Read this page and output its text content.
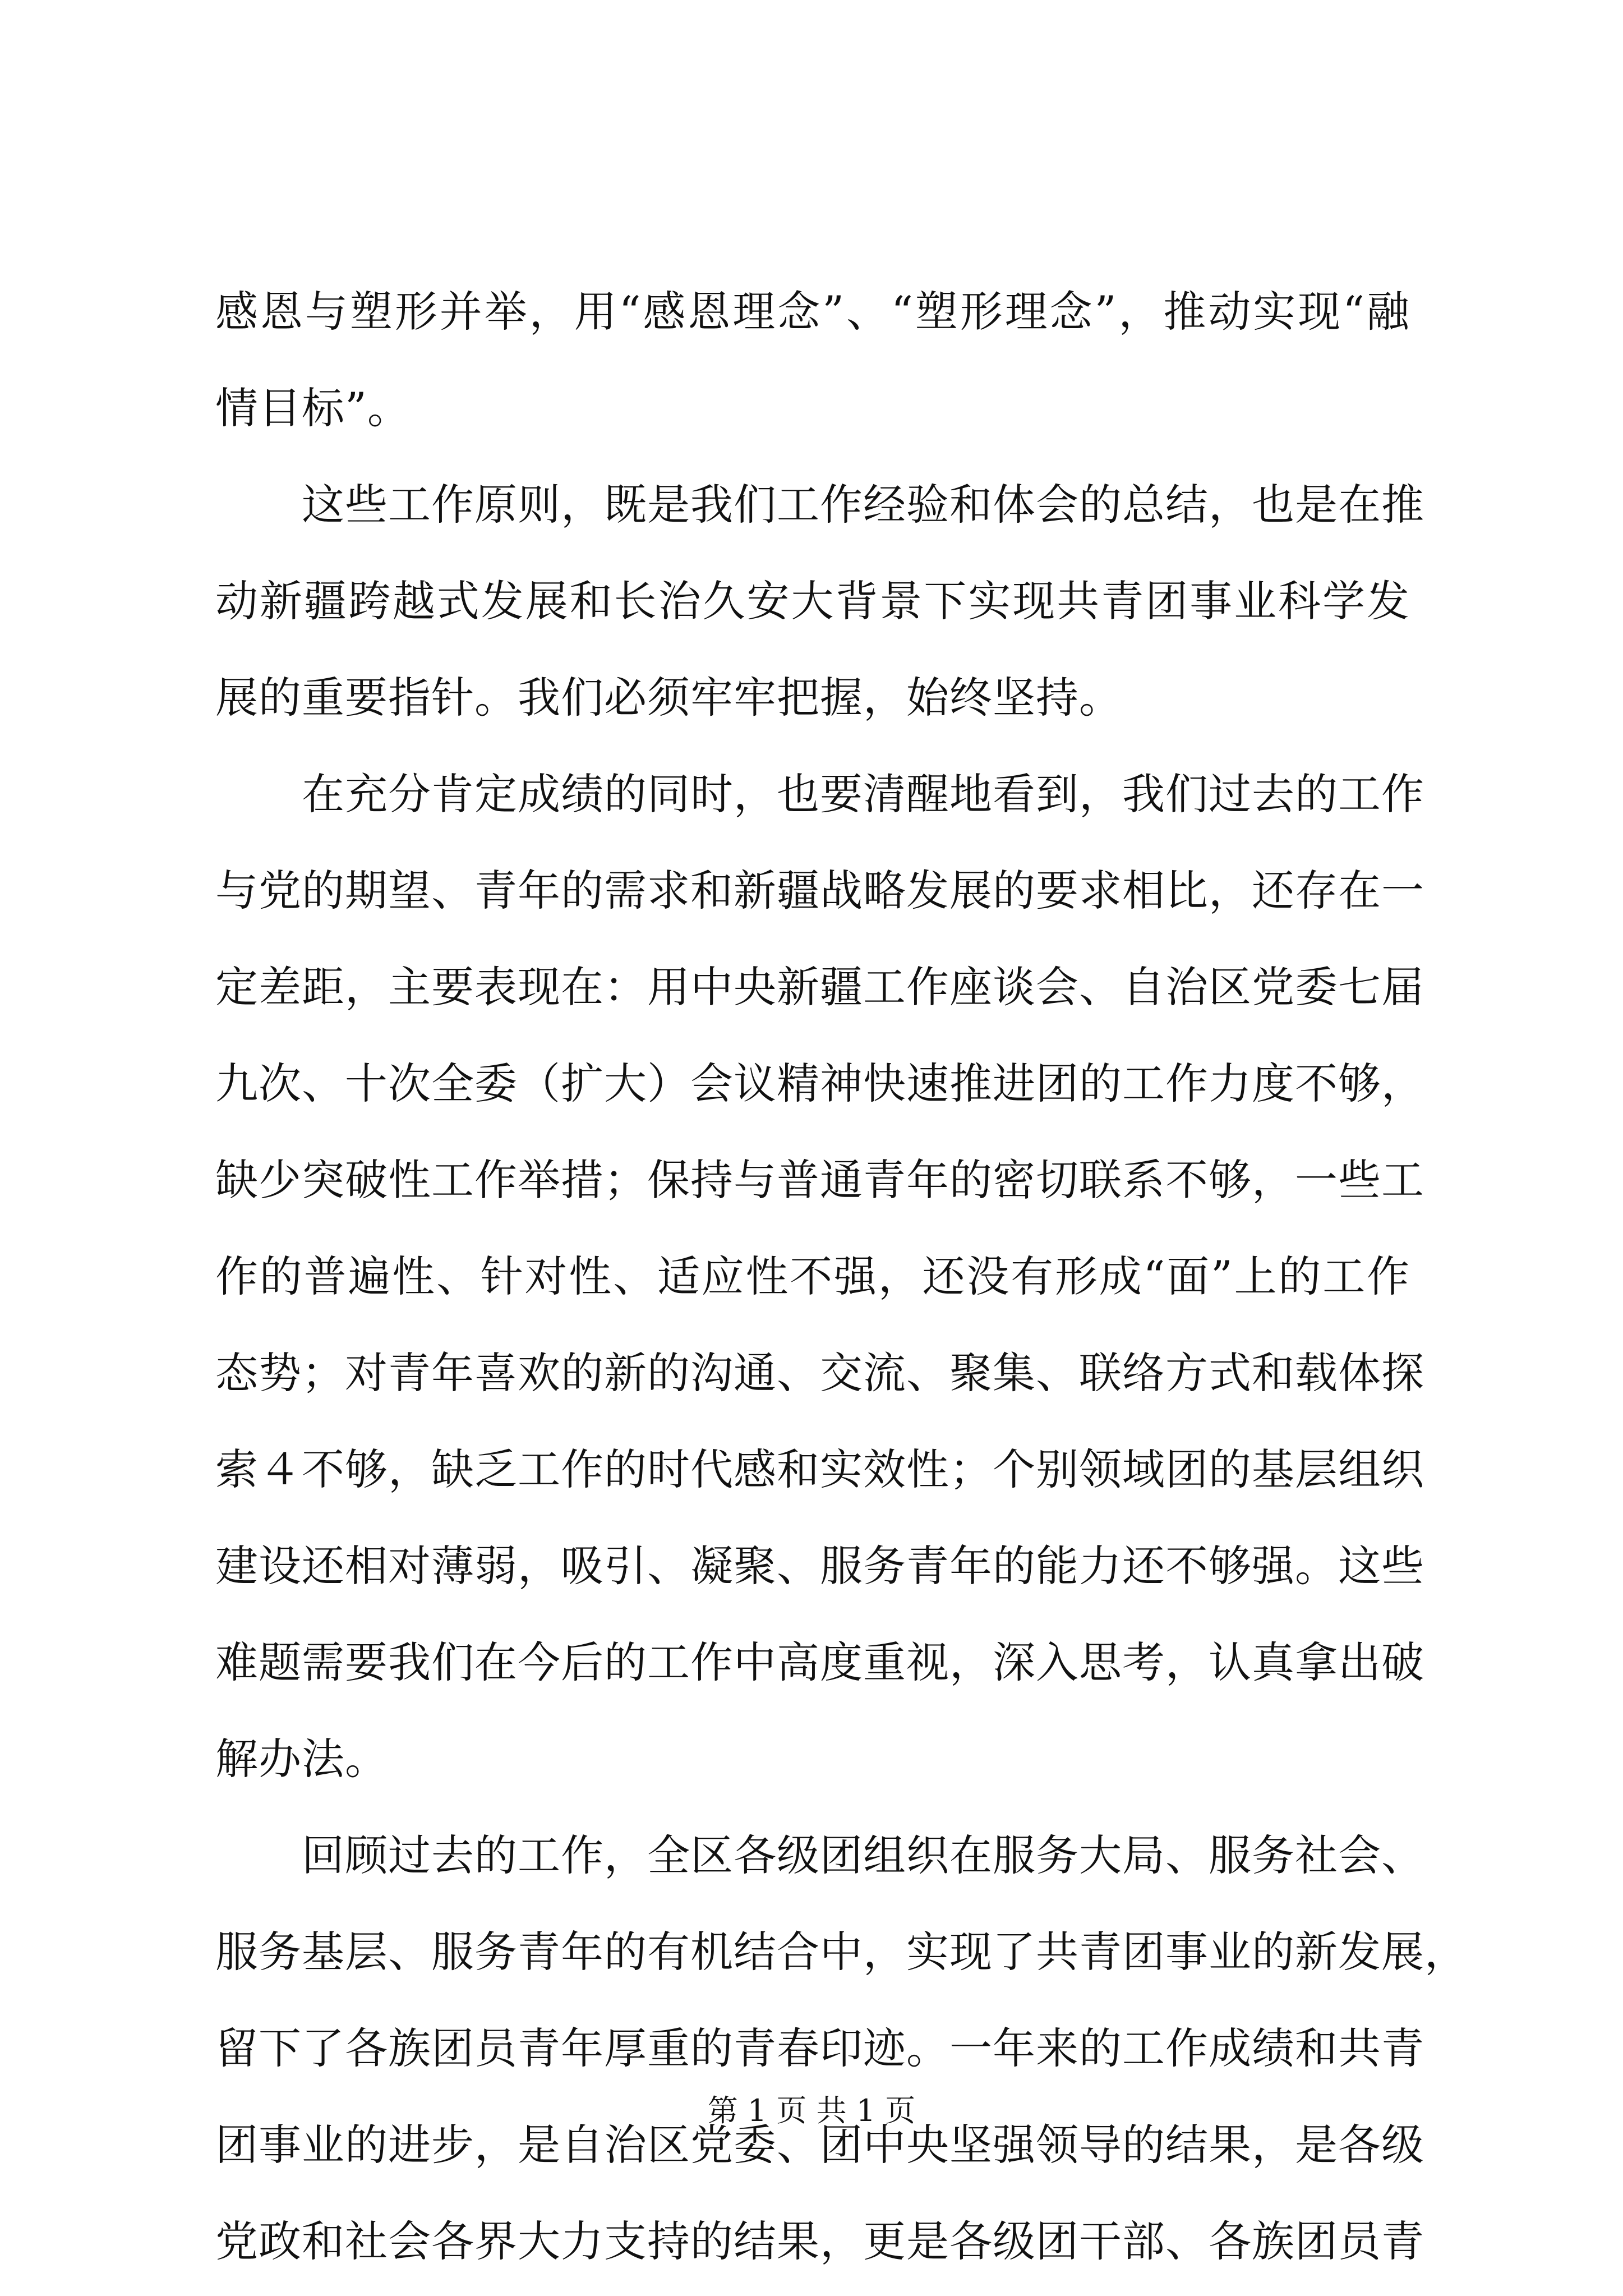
感恩与塑形并举，用“感恩理念”、“塑形理念”，推动实现“融
情目标”。
　　这些工作原则，既是我们工作经验和体会的总结，也是在推
动新疆跨越式发展和长治久安大背景下实现共青团事业科学发
展的重要指针。我们必须牢牢把握，始终坚持。
　　在充分肯定成绩的同时，也要清醒地看到，我们过去的工作
与党的期望、青年的需求和新疆战略发展的要求相比，还存在一
定差距，主要表现在：用中央新疆工作座谈会、自治区党委七届
九次、十次全委（扩大）会议精神快速推进团的工作力度不够，
缺少突破性工作举措；保持与普通青年的密切联系不够，一些工
作的普遍性、针对性、适应性不强，还没有形成“面”上的工作
态势；对青年喜欢的新的沟通、交流、聚集、联络方式和载体探
索４不够，缺乏工作的时代感和实效性；个别领域团的基层组织
建设还相对薄弱，吸引、凝聚、服务青年的能力还不够强。这些
难题需要我们在今后的工作中高度重视，深入思考，认真拿出破
解办法。
　　回顾过去的工作，全区各级团组织在服务大局、服务社会、
服务基层、服务青年的有机结合中，实现了共青团事业的新发展，
留下了各族团员青年厚重的青春印迹。一年来的工作成绩和共青
团事业的进步，是自治区党委、团中央坚强领导的结果，是各级
党政和社会各界大力支持的结果，更是各级团干部、各族团员青
第 1 页 共 1 页
